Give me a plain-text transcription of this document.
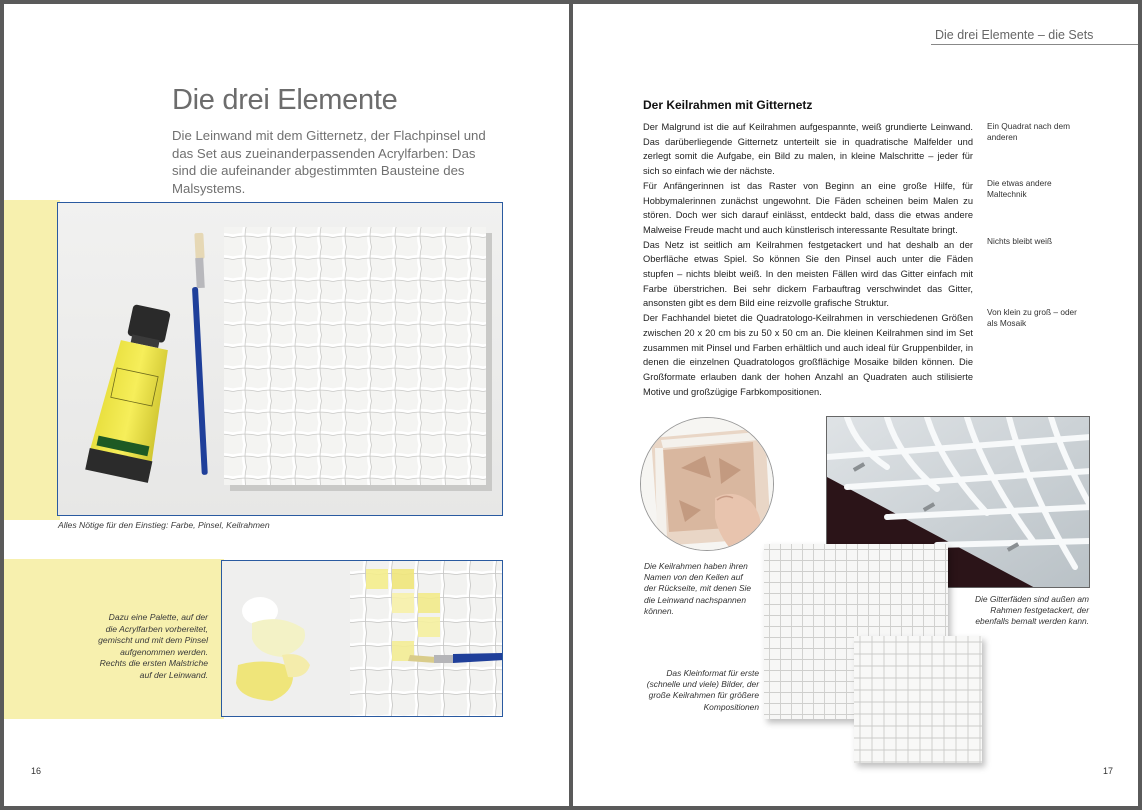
Die drei Elemente

Die Leinwand mit dem Gitternetz, der Flachpinsel und das Set aus zueinanderpassenden Acrylfarben: Das sind die aufeinander abgestimmten Bausteine des Malsystems.

Alles Nötige für den Einstieg: Farbe, Pinsel, Keilrahmen

Dazu eine Palette, auf der die Acrylfarben vorbereitet, gemischt und mit dem Pinsel aufgenommen werden. Rechts die ersten Malstriche auf der Leinwand.

16
Die drei Elemente – die Sets
Der Keilrahmen mit Gitternetz

Der Malgrund ist die auf Keilrahmen aufgespannte, weiß grundierte Leinwand. Das darüberliegende Gitternetz unterteilt sie in quadratische Malfelder und zerlegt somit die Aufgabe, ein Bild zu malen, in kleine Malschritte – jeder für sich so einfach wie der nächste.

Für Anfängerinnen ist das Raster von Beginn an eine große Hilfe, für Hobbymalerinnen zunächst ungewohnt. Die Fäden scheinen beim Malen zu stören. Doch wer sich darauf einlässt, entdeckt bald, dass die etwas andere Malweise Freude macht und auch künstlerisch interessante Resultate bringt.

Das Netz ist seitlich am Keilrahmen festgetackert und hat deshalb an der Oberfläche etwas Spiel. So können Sie den Pinsel auch unter die Fäden stupfen – nichts bleibt weiß. In den meisten Fällen wird das Gitter einfach mit Farbe überstrichen. Bei sehr dickem Farbauftrag verschwindet das Gitter, ansonsten gibt es dem Bild eine reizvolle grafische Struktur.

Der Fachhandel bietet die Quadratologo-Keilrahmen in verschiedenen Größen zwischen 20 x 20 cm bis zu 50 x 50 cm an. Die kleinen Keilrahmen sind im Set zusammen mit Pinsel und Farben erhältlich und auch ideal für Gruppenbilder, in denen die einzelnen Quadratologos großflächige Mosaike bilden können. Die Großformate erlauben dank der hohen Anzahl an Quadraten auch stilisierte Motive und großzügige Farbkompositionen.

Ein Quadrat nach dem anderen

Die etwas andere Maltechnik

Nichts bleibt weiß

Von klein zu groß – oder als Mosaik

Die Keilrahmen haben ihren Namen von den Keilen auf der Rückseite, mit denen Sie die Leinwand nachspannen können.

Das Kleinformat für erste (schnelle und viele) Bilder, der große Keilrahmen für größere Kompositionen

Die Gitterfäden sind außen am Rahmen festgetackert, der ebenfalls bemalt werden kann.

17
